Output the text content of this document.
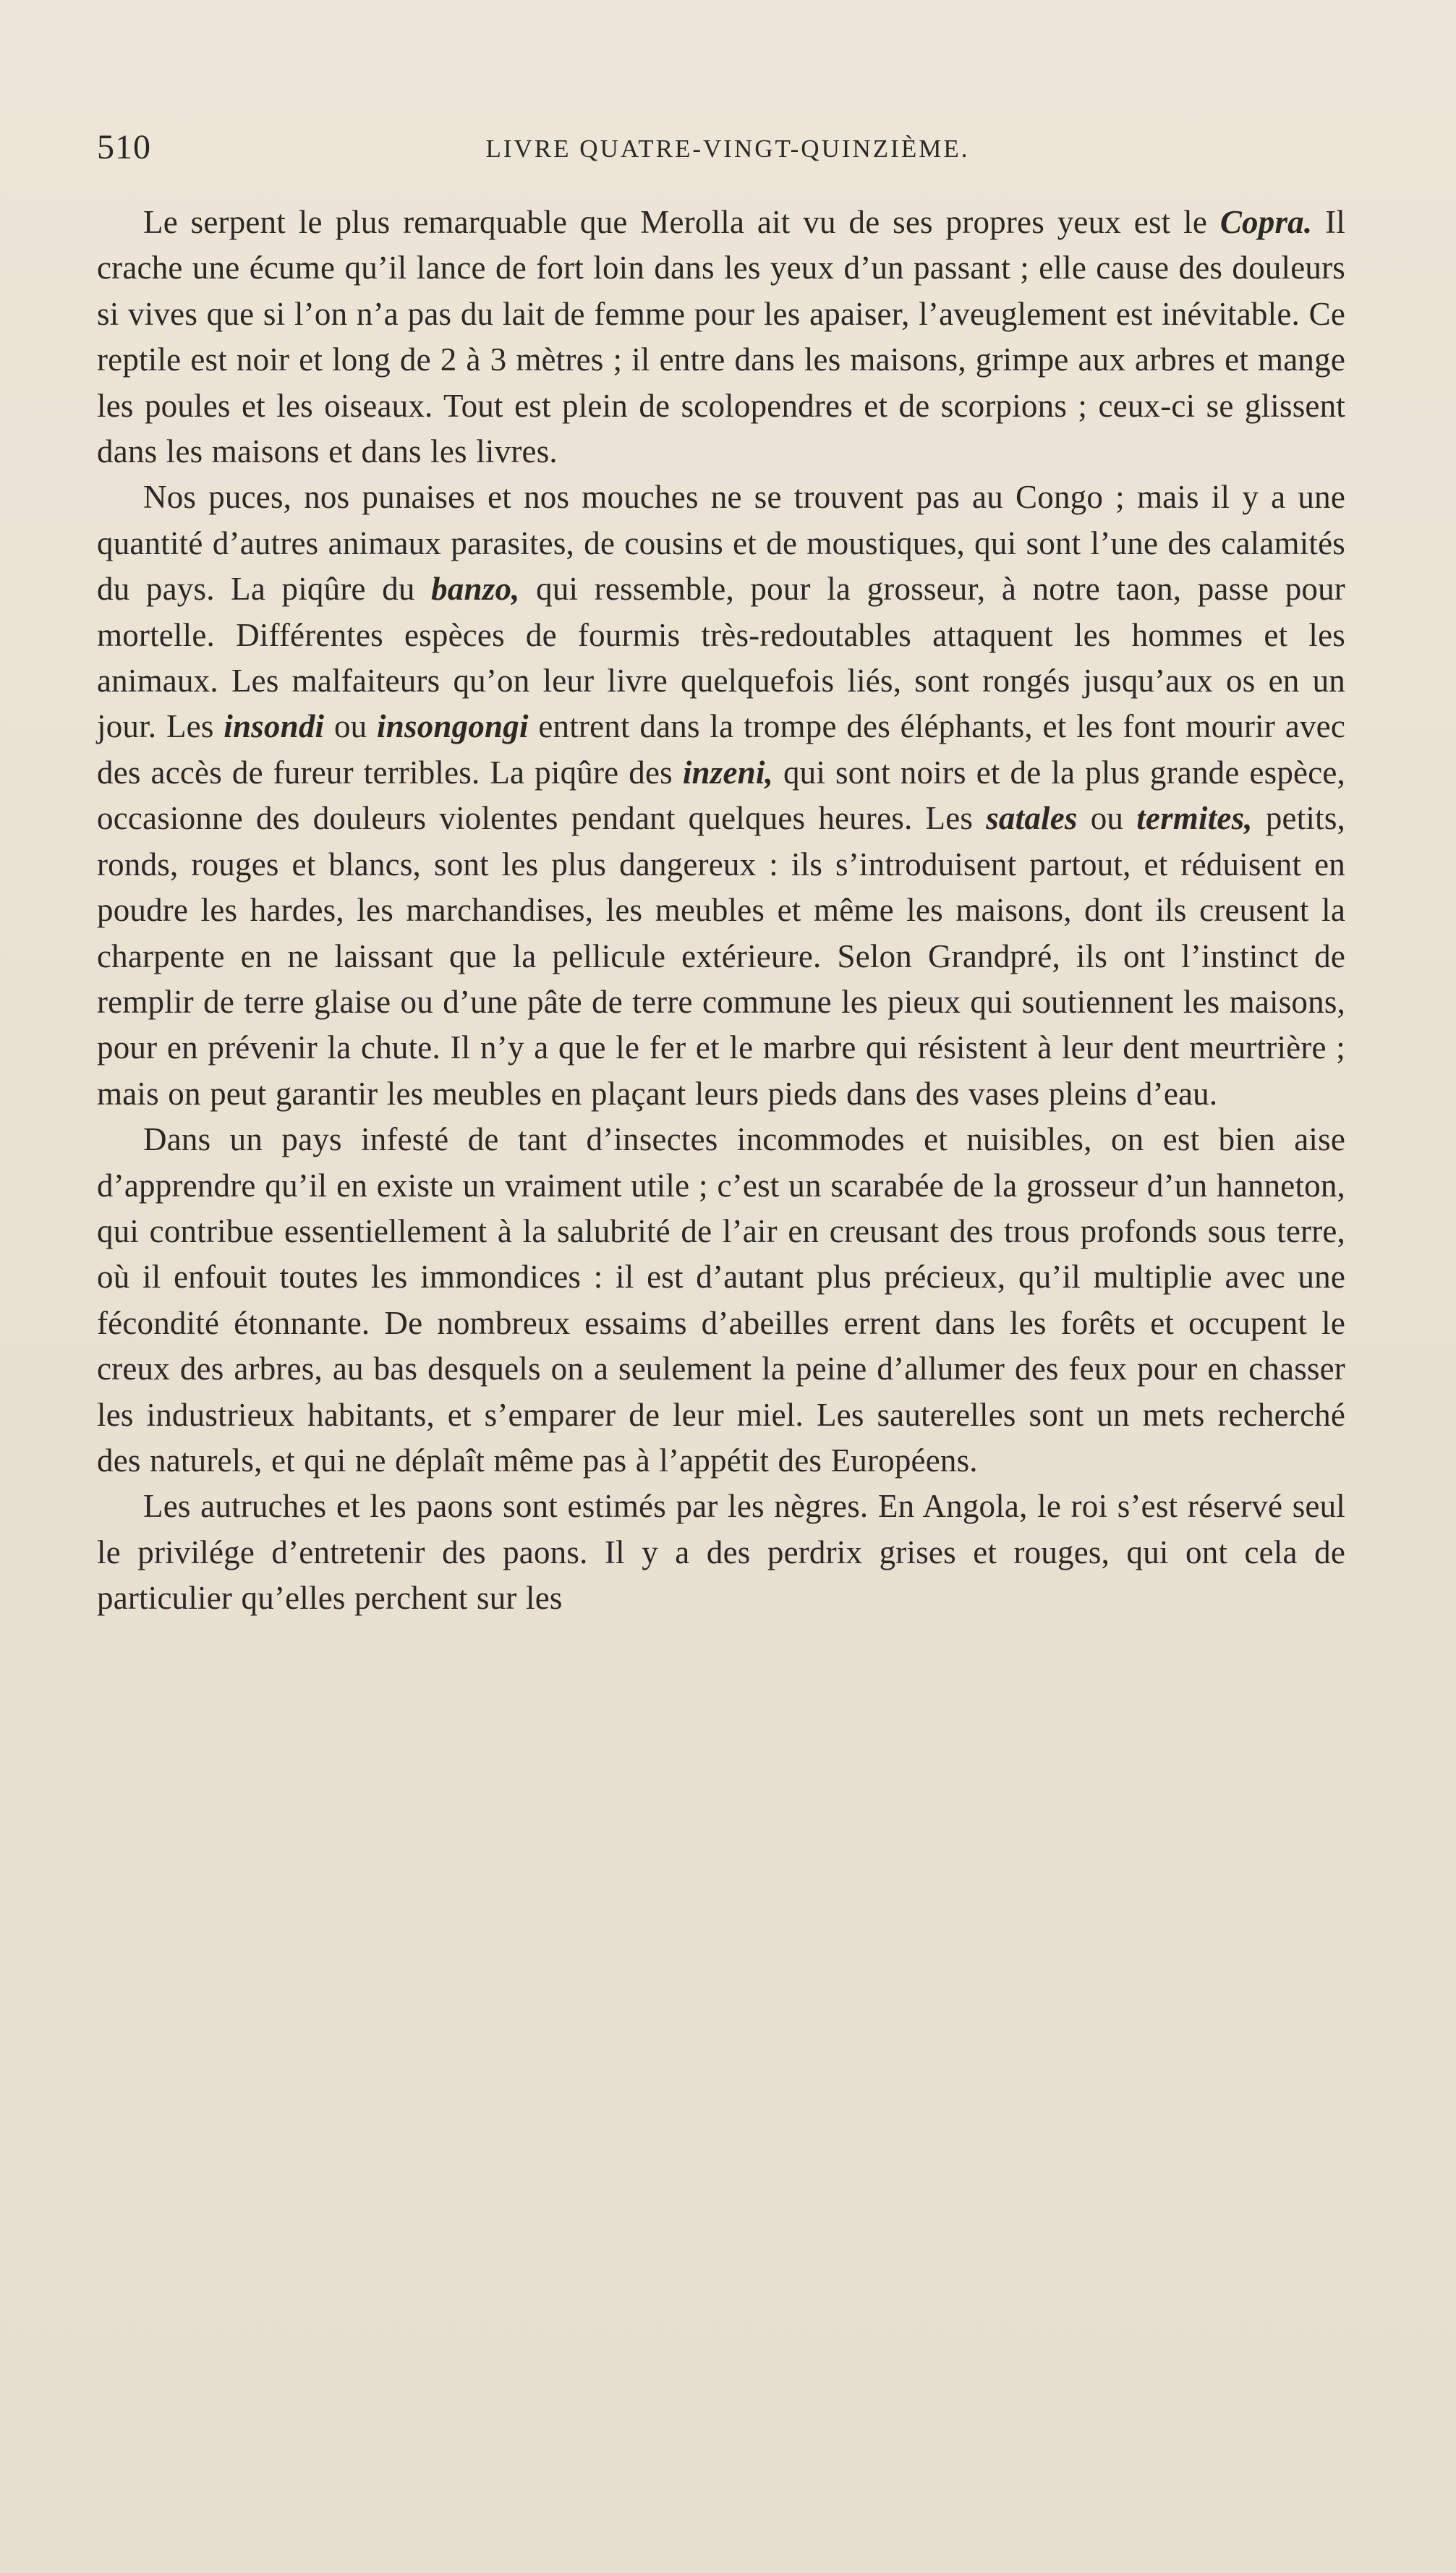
510	LIVRE QUATRE-VINGT-QUINZIÈME.

Le serpent le plus remarquable que Merolla ait vu de ses propres yeux est le Copra. Il crache une écume qu’il lance de fort loin dans les yeux d’un passant ; elle cause des douleurs si vives que si l’on n’a pas du lait de femme pour les apaiser, l’aveuglement est inévitable. Ce reptile est noir et long de 2 à 3 mètres ; il entre dans les maisons, grimpe aux arbres et mange les poules et les oiseaux. Tout est plein de scolopendres et de scorpions ; ceux-ci se glissent dans les maisons et dans les livres.

Nos puces, nos punaises et nos mouches ne se trouvent pas au Congo ; mais il y a une quantité d’autres animaux parasites, de cousins et de moustiques, qui sont l’une des calamités du pays. La piqûre du banzo, qui ressemble, pour la grosseur, à notre taon, passe pour mortelle. Différentes espèces de fourmis très-redoutables attaquent les hommes et les animaux. Les malfaiteurs qu’on leur livre quelquefois liés, sont rongés jusqu’aux os en un jour. Les insondi ou insongongi entrent dans la trompe des éléphants, et les font mourir avec des accès de fureur terribles. La piqûre des inzeni, qui sont noirs et de la plus grande espèce, occasionne des douleurs violentes pendant quelques heures. Les satales ou termites, petits, ronds, rouges et blancs, sont les plus dangereux : ils s’introduisent partout, et réduisent en poudre les hardes, les marchandises, les meubles et même les maisons, dont ils creusent la charpente en ne laissant que la pellicule extérieure. Selon Grandpré, ils ont l’instinct de remplir de terre glaise ou d’une pâte de terre commune les pieux qui soutiennent les maisons, pour en prévenir la chute. Il n’y a que le fer et le marbre qui résistent à leur dent meurtrière ; mais on peut garantir les meubles en plaçant leurs pieds dans des vases pleins d’eau.

Dans un pays infesté de tant d’insectes incommodes et nuisibles, on est bien aise d’apprendre qu’il en existe un vraiment utile ; c’est un scarabée de la grosseur d’un hanneton, qui contribue essentiellement à la salubrité de l’air en creusant des trous profonds sous terre, où il enfouit toutes les immondices : il est d’autant plus précieux, qu’il multiplie avec une fécondité étonnante. De nombreux essaims d’abeilles errent dans les forêts et occupent le creux des arbres, au bas desquels on a seulement la peine d’allumer des feux pour en chasser les industrieux habitants, et s’emparer de leur miel. Les sauterelles sont un mets recherché des naturels, et qui ne déplaît même pas à l’appétit des Européens.

Les autruches et les paons sont estimés par les nègres. En Angola, le roi s’est réservé seul le privilége d’entretenir des paons. Il y a des perdrix grises et rouges, qui ont cela de particulier qu’elles perchent sur les
